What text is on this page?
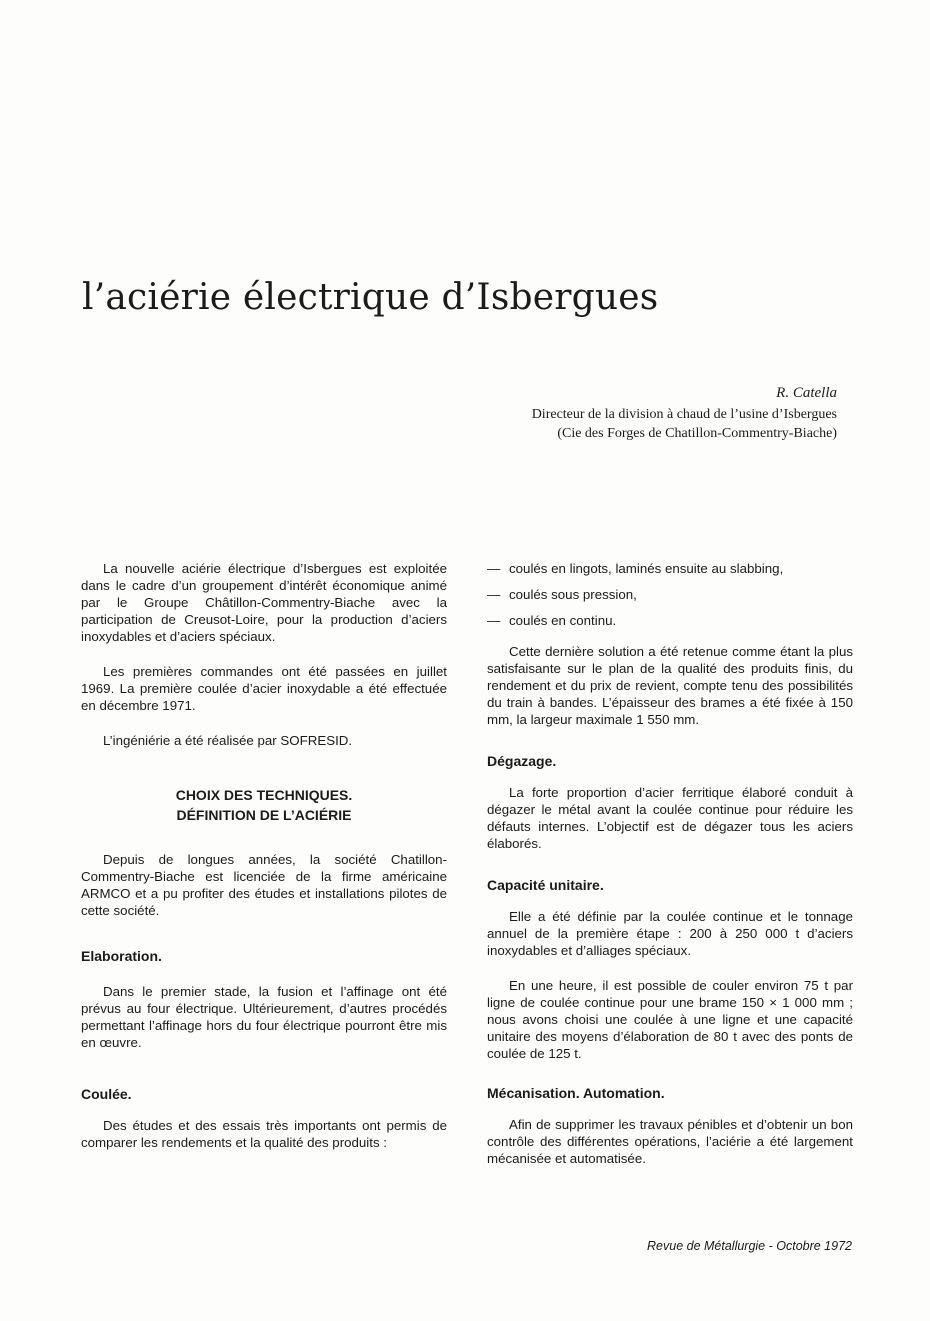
l’aciérie électrique d’Isbergues
R. Catella
Directeur de la division à chaud de l’usine d’Isbergues
(Cie des Forges de Chatillon-Commentry-Biache)

La nouvelle aciérie électrique d’Isbergues est exploitée dans le cadre d’un groupement d’intérêt économique animé par le Groupe Châtillon-Commentry-Biache avec la participation de Creusot-Loire, pour la production d’aciers inoxydables et d’aciers spéciaux.

Les premières commandes ont été passées en juillet 1969. La première coulée d’acier inoxydable a été effectuée en décembre 1971.

L’ingéniérie a été réalisée par SOFRESID.

CHOIX DES TECHNIQUES.
DÉFINITION DE L’ACIÉRIE

Depuis de longues années, la société Chatillon-Commentry-Biache est licenciée de la firme américaine ARMCO et a pu profiter des études et installations pilotes de cette société.

Elaboration.

Dans le premier stade, la fusion et l’affinage ont été prévus au four électrique. Ultérieurement, d’autres procédés permettant l’affinage hors du four électrique pourront être mis en œuvre.

Coulée.

Des études et des essais très importants ont permis de comparer les rendements et la qualité des produits :

— coulés en lingots, laminés ensuite au slabbing,
— coulés sous pression,
— coulés en continu.

Cette dernière solution a été retenue comme étant la plus satisfaisante sur le plan de la qualité des produits finis, du rendement et du prix de revient, compte tenu des possibilités du train à bandes. L’épaisseur des brames a été fixée à 150 mm, la largeur maximale 1 550 mm.

Dégazage.

La forte proportion d’acier ferritique élaboré conduit à dégazer le métal avant la coulée continue pour réduire les défauts internes. L’objectif est de dégazer tous les aciers élaborés.

Capacité unitaire.

Elle a été définie par la coulée continue et le tonnage annuel de la première étape : 200 à 250 000 t d’aciers inoxydables et d’alliages spéciaux.

En une heure, il est possible de couler environ 75 t par ligne de coulée continue pour une brame 150 × 1 000 mm ; nous avons choisi une coulée à une ligne et une capacité unitaire des moyens d’élaboration de 80 t avec des ponts de coulée de 125 t.

Mécanisation. Automation.

Afin de supprimer les travaux pénibles et d’obtenir un bon contrôle des différentes opérations, l’aciérie a été largement mécanisée et automatisée.

Revue de Métallurgie - Octobre 1972
